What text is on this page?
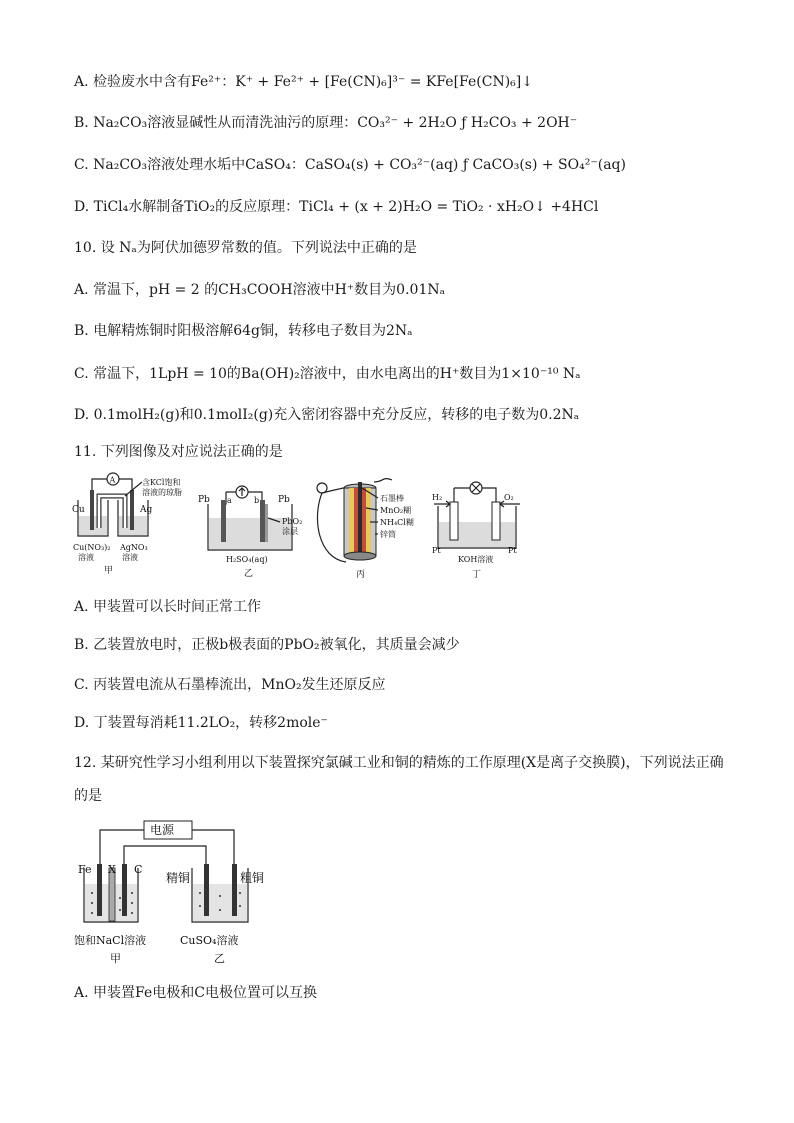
A. 检验废水中含有Fe²⁺：K⁺ + Fe²⁺ + [Fe(CN)₆]³⁻ = KFe[Fe(CN)₆]↓
B. Na₂CO₃溶液显碱性从而清洗油污的原理：CO₃²⁻ + 2H₂O ƒ H₂CO₃ + 2OH⁻
C. Na₂CO₃溶液处理水垢中CaSO₄：CaSO₄(s) + CO₃²⁻(aq) ƒ CaCO₃(s) + SO₄²⁻(aq)
D. TiCl₄水解制备TiO₂的反应原理：TiCl₄ + (x + 2)H₂O = TiO₂ · xH₂O↓ +4HCl
10. 设 Nₐ为阿伏加德罗常数的值。下列说法中正确的是
A. 常温下，pH = 2 的CH₃COOH溶液中H⁺数目为0.01Nₐ
B. 电解精炼铜时阳极溶解64g铜，转移电子数目为2Nₐ
C. 常温下，1LpH = 10的Ba(OH)₂溶液中，由水电离出的H⁺数目为1×10⁻¹⁰ Nₐ
D. 0.1molH₂(g)和0.1molI₂(g)充入密闭容器中充分反应，转移的电子数为0.2Nₐ
11. 下列图像及对应说法正确的是
A	含KCl饱和
溶液的琼脂
Cu	Ag
Cu(NO₃)₂
溶液
AgNO₃
溶液
甲
Pb	Pb
a	b
PbO₂
涂层
H₂SO₄(aq)
乙
石墨棒
MnO₂糊
NH₄Cl糊
锌筒
丙
H₂	O₂
Pt	Pt
KOH溶液
丁
A. 甲装置可以长时间正常工作
B. 乙装置放电时，正极b极表面的PbO₂被氧化，其质量会减少
C. 丙装置电流从石墨棒流出，MnO₂发生还原反应
D. 丁装置每消耗11.2LO₂，转移2mole⁻
12. 某研究性学习小组利用以下装置探究氯碱工业和铜的精炼的工作原理(X是离子交换膜)，下列说法正确
的是
电源
Fe X C
精铜	粗铜
饱和NaCl溶液	CuSO₄溶液
甲	乙
A. 甲装置Fe电极和C电极位置可以互换
